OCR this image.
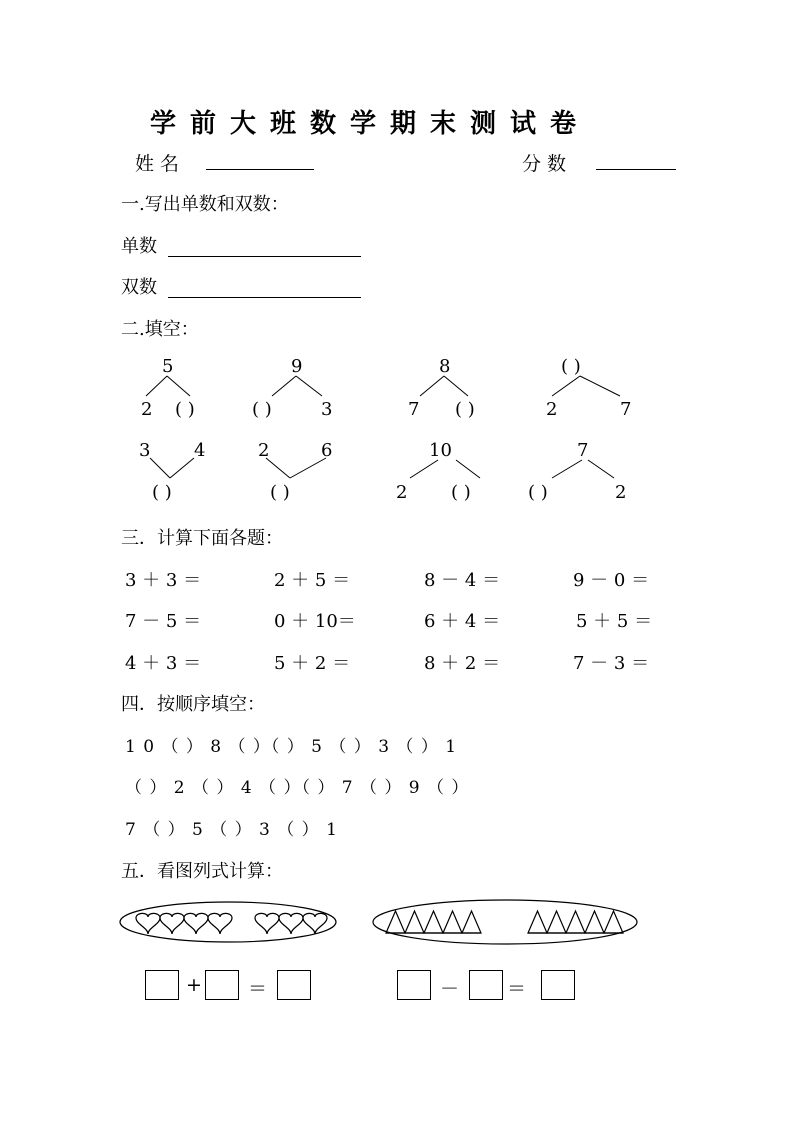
学前大班数学期末测试卷
姓 名	分 数
一.写出单数和双数：
单数
双数
二.填空：
5
2 ( )
9
( )	3
8
7 ( )
( )
2	7
3 4
( )
2	6
( )
10
2 ( )
7
( )	2
三．计算下面各题：
3 ＋ 3 ＝	2 ＋ 5 ＝	8 － 4 ＝	9 － 0 ＝
7 － 5 ＝	0 ＋ 10＝	6 ＋ 4 ＝	5 ＋ 5 ＝
4 ＋ 3 ＝	5 ＋ 2 ＝	8 ＋ 2 ＝	7 － 3 ＝
四．按顺序填空：
1 0 （ ） 8 （ ）（ ） 5 （ ） 3 （ ） 1
（ ） 2 （ ） 4 （ ）（ ） 7 （ ） 9 （ ）
7 （ ） 5 （ ） 3 （ ） 1
五．看图列式计算：
+ ＝	－	＝
